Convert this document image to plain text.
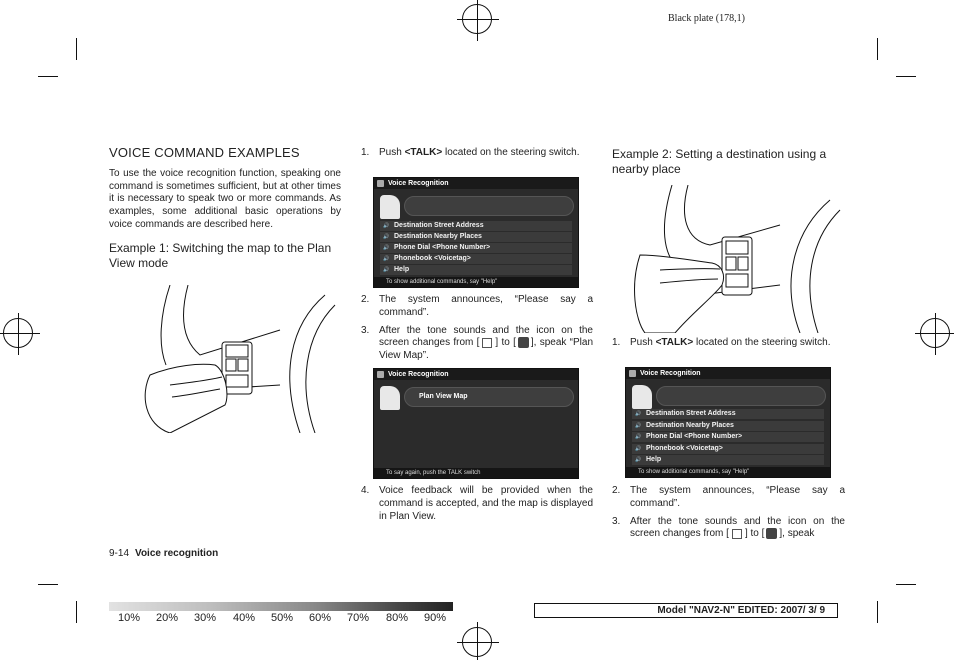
Black plate (178,1)
VOICE COMMAND EXAMPLES
To use the voice recognition function, speaking one command is sometimes sufficient, but at other times it is necessary to speak two or more commands. As examples, some additional basic operations by voice commands are described here.
Example 1: Switching the map to the Plan View mode
1. Push <TALK> located on the steering switch.
Voice Recognition
🔊 Destination Street Address
🔊 Destination Nearby Places
🔊 Phone Dial <Phone Number>
🔊 Phonebook <Voicetag>
🔊 Help
To show additional commands, say "Help"
2. The system announces, “Please say a command”.
3. After the tone sounds and the icon on the screen changes from [ ] to [ ], speak “Plan View Map”.
Voice Recognition
Plan View Map
To say again, push the TALK switch
4. Voice feedback will be provided when the command is accepted, and the map is displayed in Plan View.
Example 2: Setting a destination using a nearby place
1. Push <TALK> located on the steering switch.
Voice Recognition
🔊 Destination Street Address
🔊 Destination Nearby Places
🔊 Phone Dial <Phone Number>
🔊 Phonebook <Voicetag>
🔊 Help
To show additional commands, say "Help"
2. The system announces, “Please say a command”.
3. After the tone sounds and the icon on the screen changes from [ ] to [ ], speak
9-14 Voice recognition
10% 20% 30% 40% 50% 60% 70% 80% 90%
Model "NAV2-N" EDITED: 2007/ 3/ 9
